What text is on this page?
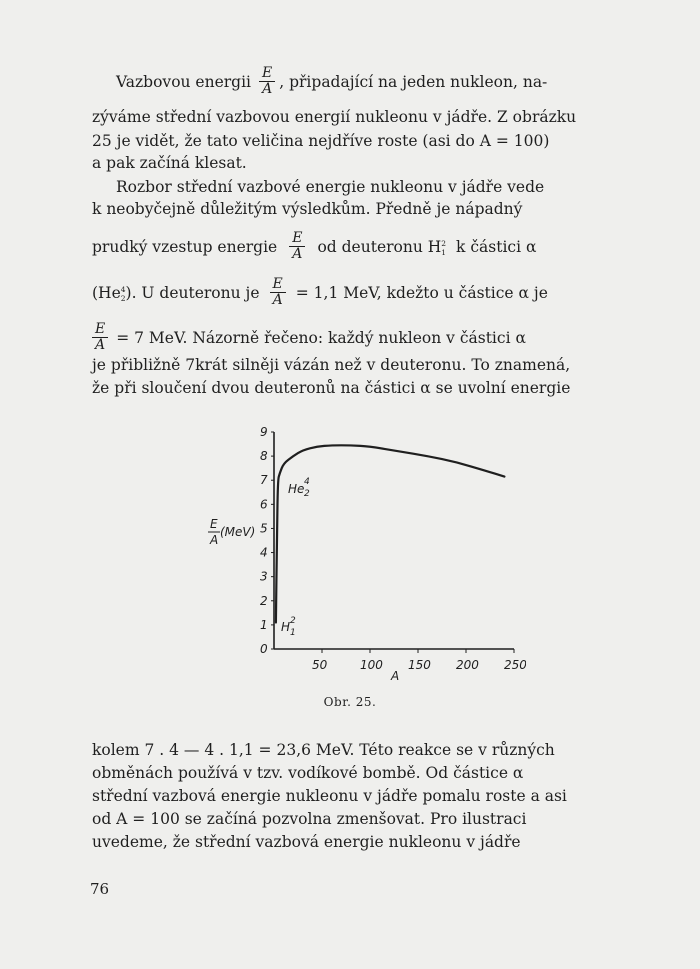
Vazbovou energii $\frac{E}{A}$ , připadající na jeden nukleon, na-
zýváme střední vazbovou energií nukleonu v jádře. Z obrázku
25 je vidět, že tato veličina nejdříve roste (asi do A = 100)
a pak začíná klesat.
Rozbor střední vazbové energie nukleonu v jádře vede
k neobyčejně důležitým výsledkům. Předně je nápadný
prudký vzestup energie $\frac{E}{A}$ od deuteronu H 2
1 k částici α
(He 4
2 ). U deuteronu je $\frac{E}{A} = 1,1$ MeV, kdežto u částice α je
$\frac{E}{A} = 7$ MeV. Názorně řečeno: každý nukleon v částici α
je přibližně 7krát silněji vázán než v deuteronu. To znamená,
že při sloučení dvou deuteronů na částici α se uvolní energie
0
1
2
3
4
5
6
7
8
9
50	100 150 200 250
A
E
A
(MeV)
He 4
2
H 2
1
Obr. 25.
kolem 7 . 4 — 4 . 1,1 = 23,6 MeV. Této reakce se v různých
obměnách používá v tzv. vodíkové bombě. Od částice α
střední vazbová energie nukleonu v jádře pomalu roste a asi
od A = 100 se začíná pozvolna zmenšovat. Pro ilustraci
uvedeme, že střední vazbová energie nukleonu v jádře
76
